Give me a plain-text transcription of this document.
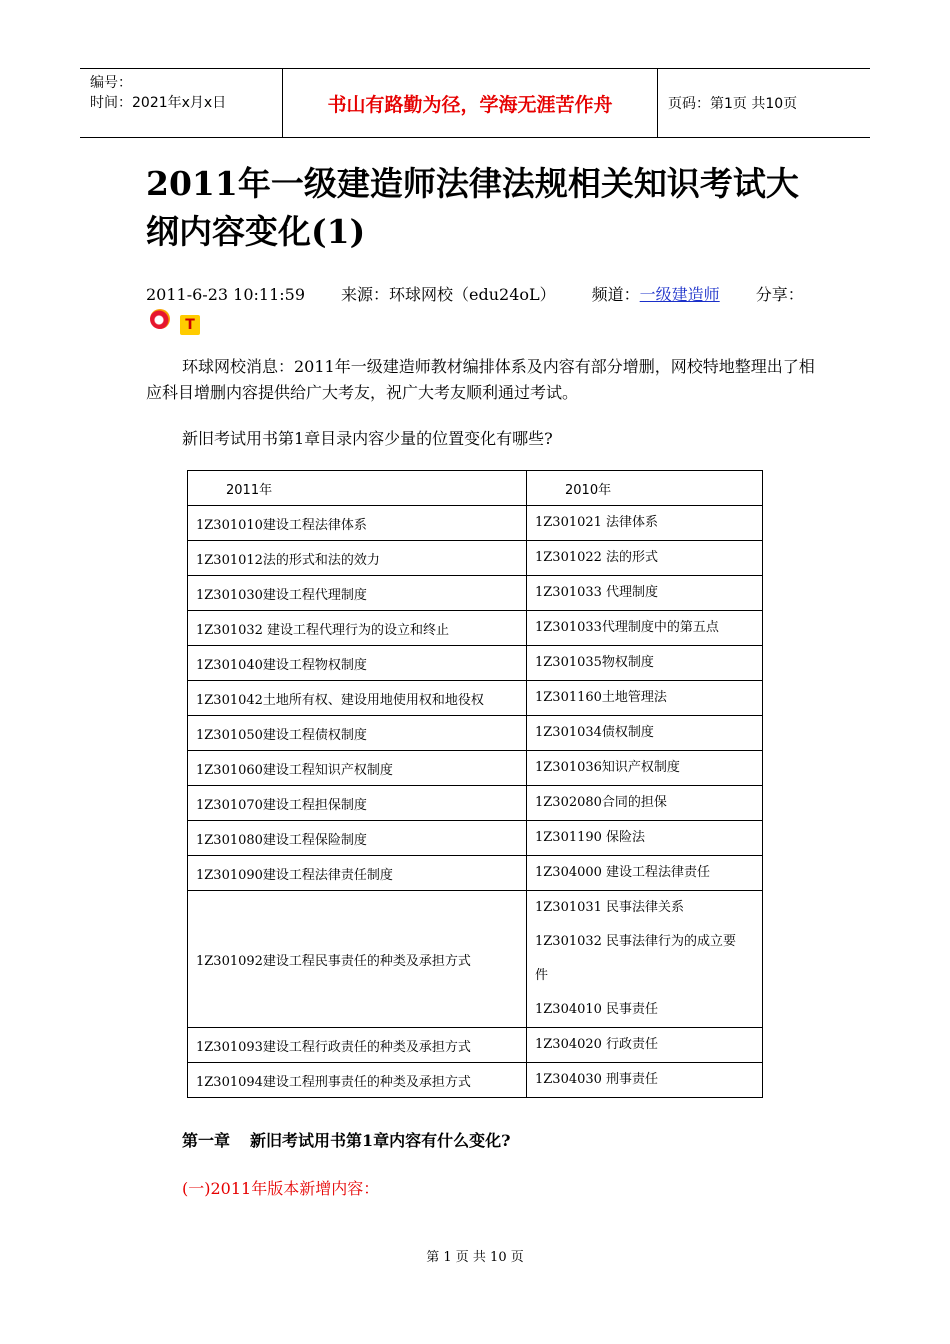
编号：
时间：2021年x月x日	书山有路勤为径，学海无涯苦作舟	页码：第1页 共10页
2011年一级建造师法律法规相关知识考试大纲内容变化(1)
2011-6-23 10:11:59 来源：环球网校（edu24oL） 频道：一级建造师 分享：T
环球网校消息：2011年一级建造师教材编排体系及内容有部分增删，网校特地整理出了相应科目增删内容提供给广大考友，祝广大考友顺利通过考试。
新旧考试用书第1章目录内容少量的位置变化有哪些?
2011年	2010年
1Z301010建设工程法律体系	1Z301021 法律体系

1Z301012法的形式和法的效力	1Z301022 法的形式

1Z301030建设工程代理制度	1Z301033 代理制度

1Z301032 建设工程代理行为的设立和终止	1Z301033代理制度中的第五点

1Z301040建设工程物权制度	1Z301035物权制度

1Z301042土地所有权、建设用地使用权和地役权	1Z301160土地管理法

1Z301050建设工程债权制度	1Z301034债权制度

1Z301060建设工程知识产权制度	1Z301036知识产权制度

1Z301070建设工程担保制度	1Z302080合同的担保

1Z301080建设工程保险制度	1Z301190 保险法

1Z301090建设工程法律责任制度	1Z304000 建设工程法律责任

1Z301092建设工程民事责任的种类及承担方式	1Z301031 民事法律关系
1Z301032 民事法律行为的成立要
件
1Z304010 民事责任

1Z301093建设工程行政责任的种类及承担方式	1Z304020 行政责任

1Z301094建设工程刑事责任的种类及承担方式	1Z304030 刑事责任
第一章 新旧考试用书第1章内容有什么变化?
(一)2011年版本新增内容：
第 1 页 共 10 页
